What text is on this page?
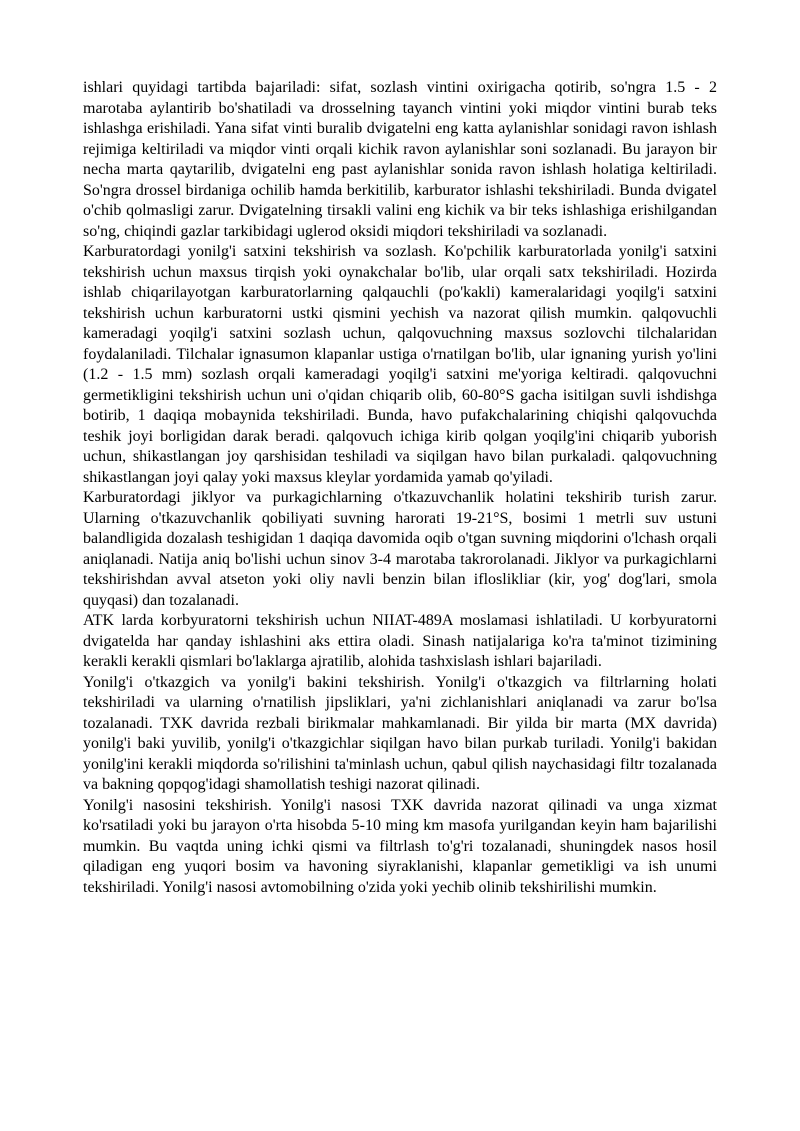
ishlari quyidagi tartibda bajariladi: sifat, sozlash vintini oxirigacha qotirib, so'ngra 1.5 - 2 marotaba aylantirib bo'shatiladi va drosselning tayanch vintini yoki miqdor vintini burab teks ishlashga erishiladi. Yana sifat vinti buralib dvigatelni eng katta aylanishlar sonidagi ravon ishlash rejimiga keltiriladi va miqdor vinti orqali kichik ravon aylanishlar soni sozlanadi. Bu jarayon bir necha marta qaytarilib, dvigatelni eng past aylanishlar sonida ravon ishlash holatiga keltiriladi. So'ngra drossel birdaniga ochilib hamda berkitilib, karburator ishlashi tekshiriladi. Bunda dvigatel o'chib qolmasligi zarur. Dvigatelning tirsakli valini eng kichik va bir teks ishlashiga erishilgandan so'ng, chiqindi gazlar tarkibidagi uglerod oksidi miqdori tekshiriladi va sozlanadi.

Karburatordagi yonilg'i satxini tekshirish va sozlash. Ko'pchilik karburatorlada yonilg'i satxini tekshirish uchun maxsus tirqish yoki oynakchalar bo'lib, ular orqali satx tekshiriladi. Hozirda ishlab chiqarilayotgan karburatorlarning qalqauchli (po'kakli) kameralaridagi yoqilg'i satxini tekshirish uchun karburatorni ustki qismini yechish va nazorat qilish mumkin. qalqovuchli kameradagi yoqilg'i satxini sozlash uchun, qalqovuchning maxsus sozlovchi tilchalaridan foydalaniladi. Tilchalar ignasumon klapanlar ustiga o'rnatilgan bo'lib, ular ignaning yurish yo'lini (1.2 - 1.5 mm) sozlash orqali kameradagi yoqilg'i satxini me'yoriga keltiradi. qalqovuchni germetikligini tekshirish uchun uni o'qidan chiqarib olib, 60-80°S gacha isitilgan suvli ishdishga botirib, 1 daqiqa mobaynida tekshiriladi. Bunda, havo pufakchalarining chiqishi qalqovuchda teshik joyi borligidan darak beradi. qalqovuch ichiga kirib qolgan yoqilg'ini chiqarib yuborish uchun, shikastlangan joy qarshisidan teshiladi va siqilgan havo bilan purkaladi. qalqovuchning shikastlangan joyi qalay yoki maxsus kleylar yordamida yamab qo'yiladi.

Karburatordagi jiklyor va purkagichlarning o'tkazuvchanlik holatini tekshirib turish zarur. Ularning o'tkazuvchanlik qobiliyati suvning harorati 19-21°S, bosimi 1 metrli suv ustuni balandligida dozalash teshigidan 1 daqiqa davomida oqib o'tgan suvning miqdorini o'lchash orqali aniqlanadi. Natija aniq bo'lishi uchun sinov 3-4 marotaba takrorolanadi. Jiklyor va purkagichlarni tekshirishdan avval atseton yoki oliy navli benzin bilan ifloslikliar (kir, yog' dog'lari, smola quyqasi) dan tozalanadi.

ATK larda korbyuratorni tekshirish uchun NIIAT-489A moslamasi ishlatiladi. U korbyuratorni dvigatelda har qanday ishlashini aks ettira oladi. Sinash natijalariga ko'ra ta'minot tizimining kerakli kerakli qismlari bo'laklarga ajratilib, alohida tashxislash ishlari bajariladi.

Yonilg'i o'tkazgich va yonilg'i bakini tekshirish. Yonilg'i o'tkazgich va filtrlarning holati tekshiriladi va ularning o'rnatilish jipsliklari, ya'ni zichlanishlari aniqlanadi va zarur bo'lsa tozalanadi. TXK davrida rezbali birikmalar mahkamlanadi. Bir yilda bir marta (MX davrida) yonilg'i baki yuvilib, yonilg'i o'tkazgichlar siqilgan havo bilan purkab turiladi. Yonilg'i bakidan yonilg'ini kerakli miqdorda so'rilishini ta'minlash uchun, qabul qilish naychasidagi filtr tozalanada va bakning qopqog'idagi shamollatish teshigi nazorat qilinadi.

Yonilg'i nasosini tekshirish. Yonilg'i nasosi TXK davrida nazorat qilinadi va unga xizmat ko'rsatiladi yoki bu jarayon o'rta hisobda 5-10 ming km masofa yurilgandan keyin ham bajarilishi mumkin. Bu vaqtda uning ichki qismi va filtrlash to'g'ri tozalanadi, shuningdek nasos hosil qiladigan eng yuqori bosim va havoning siyraklanishi, klapanlar gemetikligi va ish unumi tekshiriladi. Yonilg'i nasosi avtomobilning o'zida yoki yechib olinib tekshirilishi mumkin.
